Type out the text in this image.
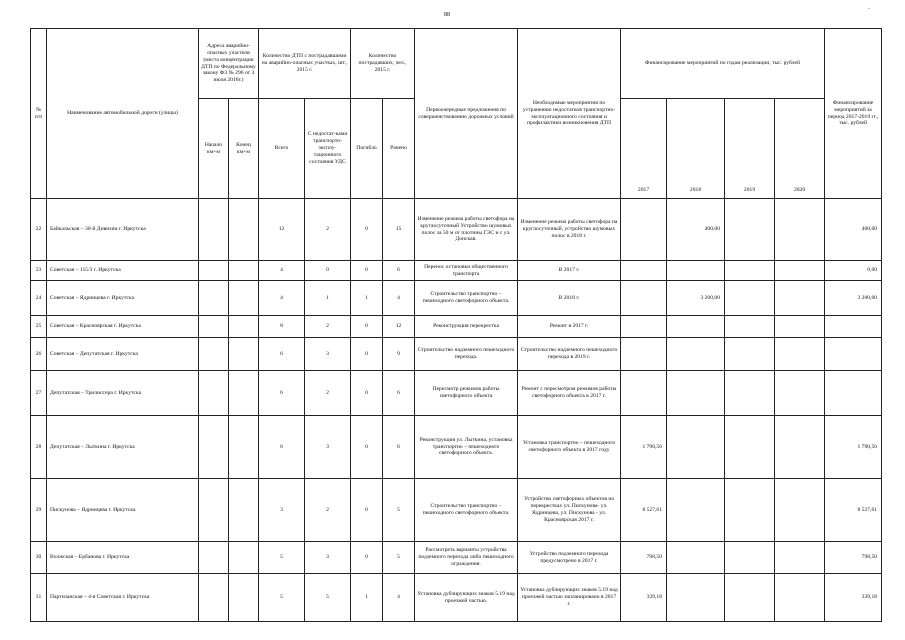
88
-
№ п/п	Наименование автомобильной дороги (улицы)	Адреса аварийно-опасных участков (места концентрации ДТП по Федеральному закону ФЗ № 296 от 3 июля 2016г.)		Количество ДТП с пострадавшими на аварийно-опасных участках, шт., 2015 г.		Количество пострадавших, чел., 2015 г.		Первоочередные предложения по совершенствованию дорожных условий	Необходимые мероприятия по устранению недостатков транспортно-эксплуатационного состояния и профилактики возникновения ДТП	Финансирование мероприятий по годам реализации, тыс. рублей				Финансирование мероприятий за период 2017-2019 гг., тыс. рублей
		Начало км+м	Конец км+м	Всего	С недостат-ками транспорто-эксплу-тационного состояния УДС	Погибло	Ранено			2017	2018	2019	2020	
22	Байкальская – 30-й Дивизии г. Иркутска			12	2	0	15	Изменение режима работы светофора на круглосуточный Устройство шумовых полос за 50 м от плотины ГЭС и с ул. Донская.	Изменение режима работы светофора на круглосуточный, устройство шумовых полос в 2018 г.		400,00			400,00
23	Советская – 115/3 г. Иркутска			4	0	0	6	Перенос остановки общественного транспорта	В 2017 г.					0,00
24	Советская – Ядринцева г. Иркутска			4	1	1	4	Строительство транспортно – пешеходного светофорного объекта.	В 2018 г.		3 200,00			3 200,00
25	Советская – Красноярская г. Иркутска			8	2	0	12	Реконструкция перекрестка	Ремонт в 2017 г.					
26	Советская – Депутатская г. Иркутска			6	3	0	9	Строительство надземного пешеходного перехода.	Строительство надземного пешеходного перехода в 2019 г.					
27	Депутатская – Трилиссера г. Иркутска			6	2	0	6	Пересмотр режимов работы светофорного объекта	Ремонт с пересмотром режимов работы светофорного объекта в 2017 г.					
28	Депутатская – Лыткина г. Иркутска			6	3	0	6	Реконструкция ул. Лыткина, установка транспортно – пешеходного светофорного объекта.	Установка транспортно – пешеходного светофорного объекта в 2017 году	1 790,56				1 790,56
29	Пискунова – Ядринцева г. Иркутска			3	2	0	5	Строительство транспортно – пешеходного светофорного объекта.	Устройство светофорных объектов на перекрестках ул. Пискунова- ул. Ядринцева, ул. Пискунова - ул. Красноярская 2017 г.	8 527,61				8 527,61
30	Волжская – Ербанова г. Иркутска			5	3	0	5	Рассмотреть варианты устройства подземного перехода либо пешеходного ограждения.	Устройство подземного перехода предусмотрено в 2017 г.	798,50				798,50
31	Партизанская – 4-я Советская г. Иркутска			5	5	1	4	Установка дублирующих знаков 5.19 над проезжей частью.	Установка дублирующих знаков 5.19 над проезжей частью запланировано в 2017 г.	339,18				339,18
